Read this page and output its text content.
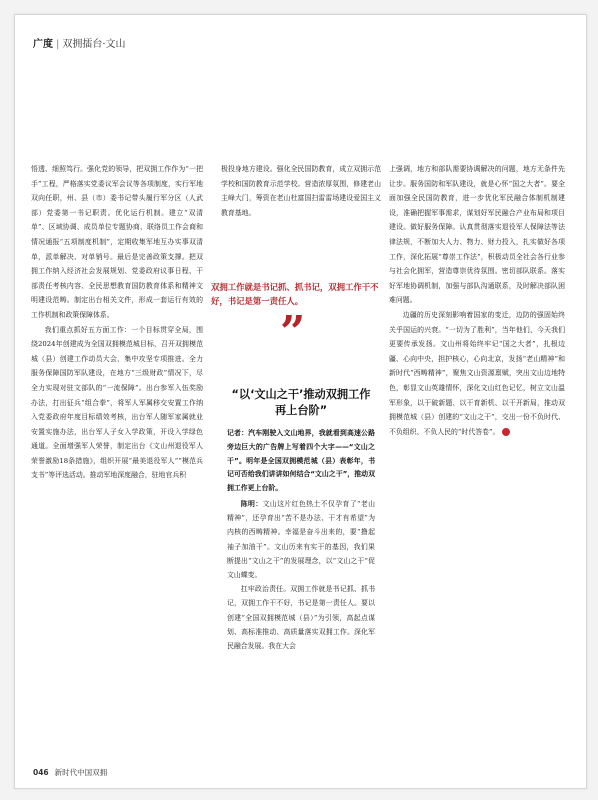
广度 | 双拥擂台·文山

悟透、细照笃行。强化党的领导，把双拥工作作为“一把手”工程，严格落实党委议军会议等各项制度，实行军地双向任职，州、县（市）委书记带头履行军分区（人武部）党委第一书记职责。优化运行机制。建立“双清单”、区域协调、成员单位专题协商、联络员工作会商和情况通报“五项制度机制”，定期收集军地互办实事双清单，派单解决、对单销号。最后是完善政策支撑。把双拥工作纳入经济社会发展规划、党委政府议事日程、干部责任考核内容、全民思想教育国防教育体系和精神文明建设范畴。制定出台相关文件，形成一套运行有效的工作机制和政策保障体系。

我们重点抓好五方面工作：一个目标贯穿全局，围绕2024年创建成为全国双拥模范城目标，召开双拥模范城（县）创建工作动员大会，集中攻坚专项推进。全力服务保障国防军队建设，在地方“三级财政”情况下，尽全力实现对驻文部队的“一流保障”。出台参军入伍奖励办法，打出征兵“组合拳”，将军人军属移交安置工作纳入党委政府年度目标绩效考核，出台军人随军家属就业安置实施办法，出台军人子女入学政策，开设入学绿色通道。全面增强军人荣誉，制定出台《文山州退役军人荣誉激励18条措施》，组织开展“最美退役军人”“模范兵支书”等评选活动。推动军地深度融合，驻地官兵积

极投身地方建设。强化全民国防教育，成立双拥示范学校和国防教育示范学校。营造浓厚氛围，修建老山主峰大门，筹资在老山杜富国扫雷雷场建设爱国主义教育基地。

双拥工作就是书记抓、抓书记，双拥工作干不好，书记是第一责任人。
”
“以‘文山之干’推动双拥工作再上台阶”
记者：汽车刚驶入文山地界，我就看到高速公路旁边巨大的广告牌上写着四个大字——“文山之干”。明年是全国双拥模范城（县）表彰年，书记可否给我们讲讲如何结合“文山之干”，推动双拥工作更上台阶。

陈明：文山这片红色热土不仅孕育了“老山精神”，还孕育出“苦不是办法、干才有希望”为内核的西畴精神。幸福是奋斗出来的，要“撸起袖子加油干”。文山历来有实干的基因，我们果断提出“文山之干”的发展理念，以“文山之干”促文山蝶变。

扛牢政治责任。双拥工作就是书记抓、抓书记，双拥工作干不好，书记是第一责任人。要以创建“全国双拥模范城（县）”为引领，高起点谋划、高标准推动、高质量落实双拥工作。深化军民融合发展。我在大会

上强调，地方和部队需要协调解决的问题，地方无条件先让步。服务国防和军队建设，就是心怀“国之大者”。要全面加强全民国防教育，进一步优化军民融合体制机制建设，准确把握军事需求，谋划好军民融合产业布局和项目建设。做好服务保障。认真贯彻落实退役军人保障法等法律法规，不断加大人力、物力、财力投入，扎实做好各项工作，深化拓展“尊崇工作法”，积极动员全社会各行业参与社会化拥军，营造尊崇优待氛围。密切部队联系。落实好军地协调机制，加强与部队沟通联系，及时解决部队困难问题。

边疆的历史深刻影响着国家的变迁，边防的强固始终关乎国运的兴衰。“一切为了胜利”，当年他们，今天我们更要传承发扬。文山州将始终牢记“国之大者”，扎根边疆、心向中央，担护核心，心向北京，发扬“老山精神”和新时代“西畴精神”，聚焦文山资源禀赋，突出文山边地特色，彰显文山英雄情怀，深化文山红色记忆，树立文山温军形象，以干破新题、以干育新机、以干开新局，推动双拥模范城（县）创建的“文山之干”，交出一份不负时代、不负组织、不负人民的“时代答卷”。	V

046 新时代中国双拥
